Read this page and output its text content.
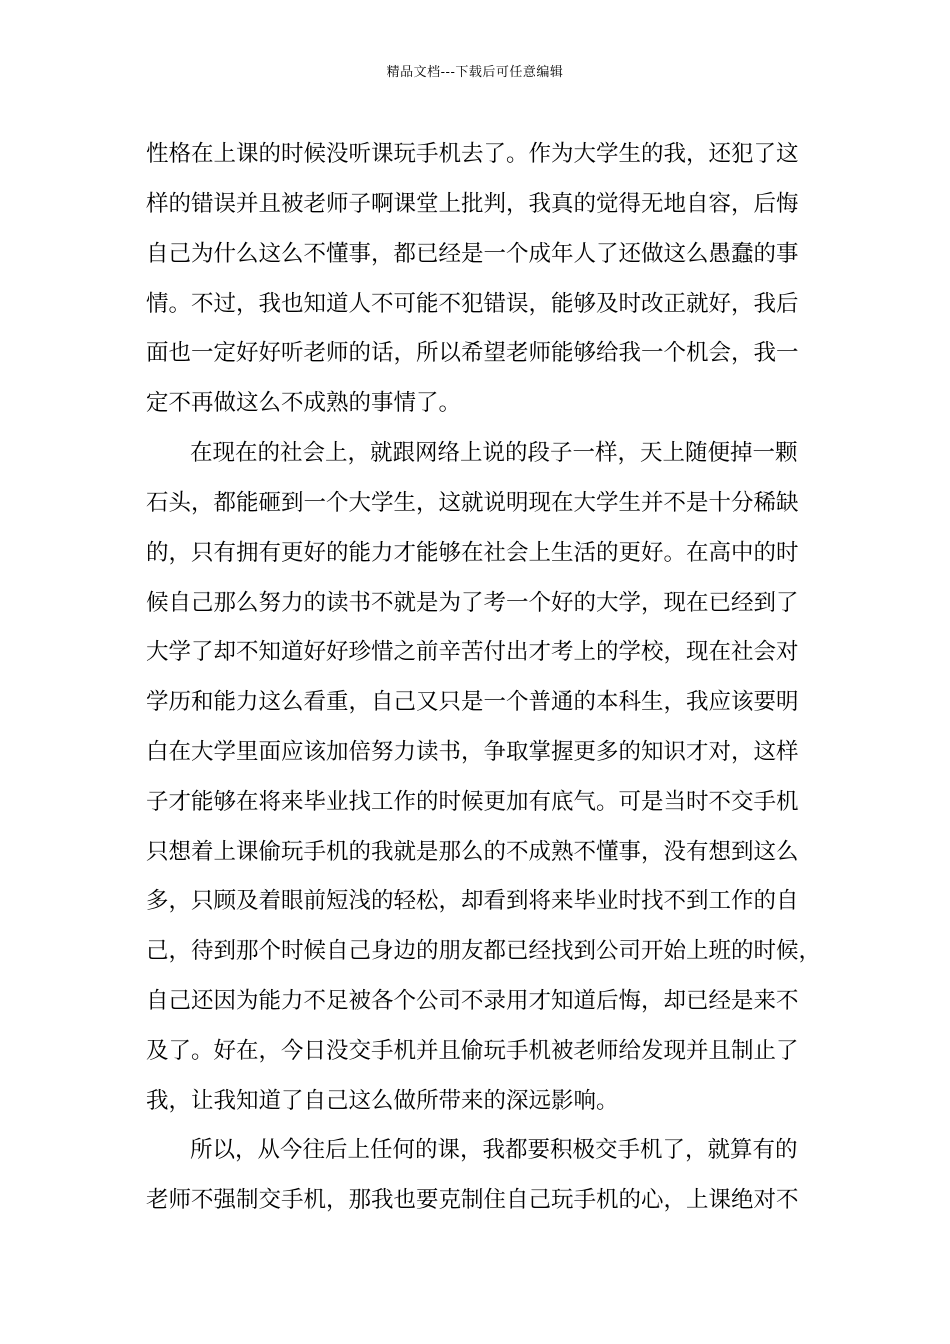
精品文档---下载后可任意编辑
性格在上课的时候没听课玩手机去了。作为大学生的我，还犯了这
样的错误并且被老师子啊课堂上批判，我真的觉得无地自容，后悔
自己为什么这么不懂事，都已经是一个成年人了还做这么愚蠢的事
情。不过，我也知道人不可能不犯错误，能够及时改正就好，我后
面也一定好好听老师的话，所以希望老师能够给我一个机会，我一
定不再做这么不成熟的事情了。
在现在的社会上，就跟网络上说的段子一样，天上随便掉一颗
石头，都能砸到一个大学生，这就说明现在大学生并不是十分稀缺
的，只有拥有更好的能力才能够在社会上生活的更好。在高中的时
候自己那么努力的读书不就是为了考一个好的大学，现在已经到了
大学了却不知道好好珍惜之前辛苦付出才考上的学校，现在社会对
学历和能力这么看重，自己又只是一个普通的本科生，我应该要明
白在大学里面应该加倍努力读书，争取掌握更多的知识才对，这样
子才能够在将来毕业找工作的时候更加有底气。可是当时不交手机
只想着上课偷玩手机的我就是那么的不成熟不懂事，没有想到这么
多，只顾及着眼前短浅的轻松，却看到将来毕业时找不到工作的自
己，待到那个时候自己身边的朋友都已经找到公司开始上班的时候，
自己还因为能力不足被各个公司不录用才知道后悔，却已经是来不
及了。好在，今日没交手机并且偷玩手机被老师给发现并且制止了
我，让我知道了自己这么做所带来的深远影响。
所以，从今往后上任何的课，我都要积极交手机了，就算有的
老师不强制交手机，那我也要克制住自己玩手机的心，上课绝对不
